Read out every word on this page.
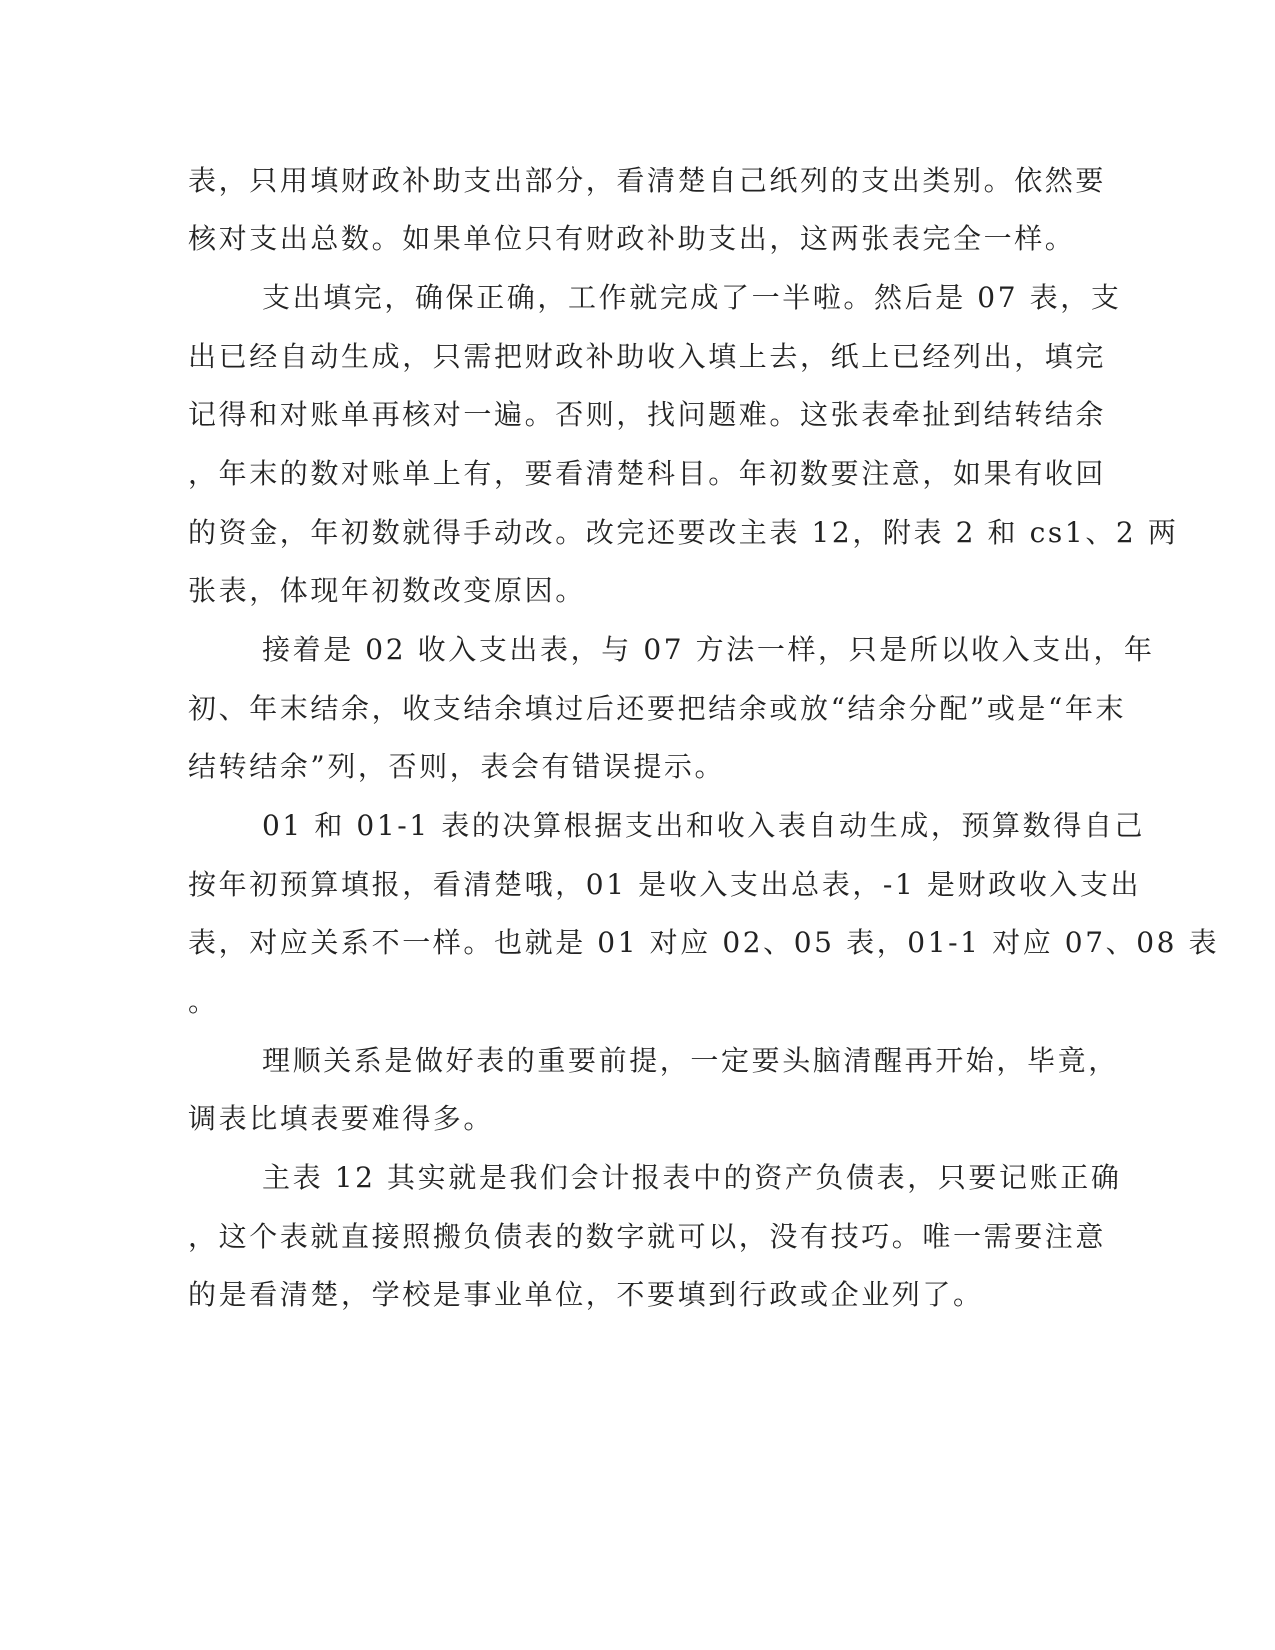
表，只用填财政补助支出部分，看清楚自己纸列的支出类别。依然要
核对支出总数。如果单位只有财政补助支出，这两张表完全一样。
支出填完，确保正确，工作就完成了一半啦。然后是 07 表，支
出已经自动生成，只需把财政补助收入填上去，纸上已经列出，填完
记得和对账单再核对一遍。否则，找问题难。这张表牵扯到结转结余
，年末的数对账单上有，要看清楚科目。年初数要注意，如果有收回
的资金，年初数就得手动改。改完还要改主表 12，附表 2 和 cs1、2 两
张表，体现年初数改变原因。
接着是 02 收入支出表，与 07 方法一样，只是所以收入支出，年
初、年末结余，收支结余填过后还要把结余或放“结余分配”或是“年末
结转结余”列，否则，表会有错误提示。
01 和 01-1 表的决算根据支出和收入表自动生成，预算数得自己
按年初预算填报，看清楚哦，01 是收入支出总表，-1 是财政收入支出
表，对应关系不一样。也就是 01 对应 02、05 表，01-1 对应 07、08 表
。
理顺关系是做好表的重要前提，一定要头脑清醒再开始，毕竟，
调表比填表要难得多。
主表 12 其实就是我们会计报表中的资产负债表，只要记账正确
，这个表就直接照搬负债表的数字就可以，没有技巧。唯一需要注意
的是看清楚，学校是事业单位，不要填到行政或企业列了。
